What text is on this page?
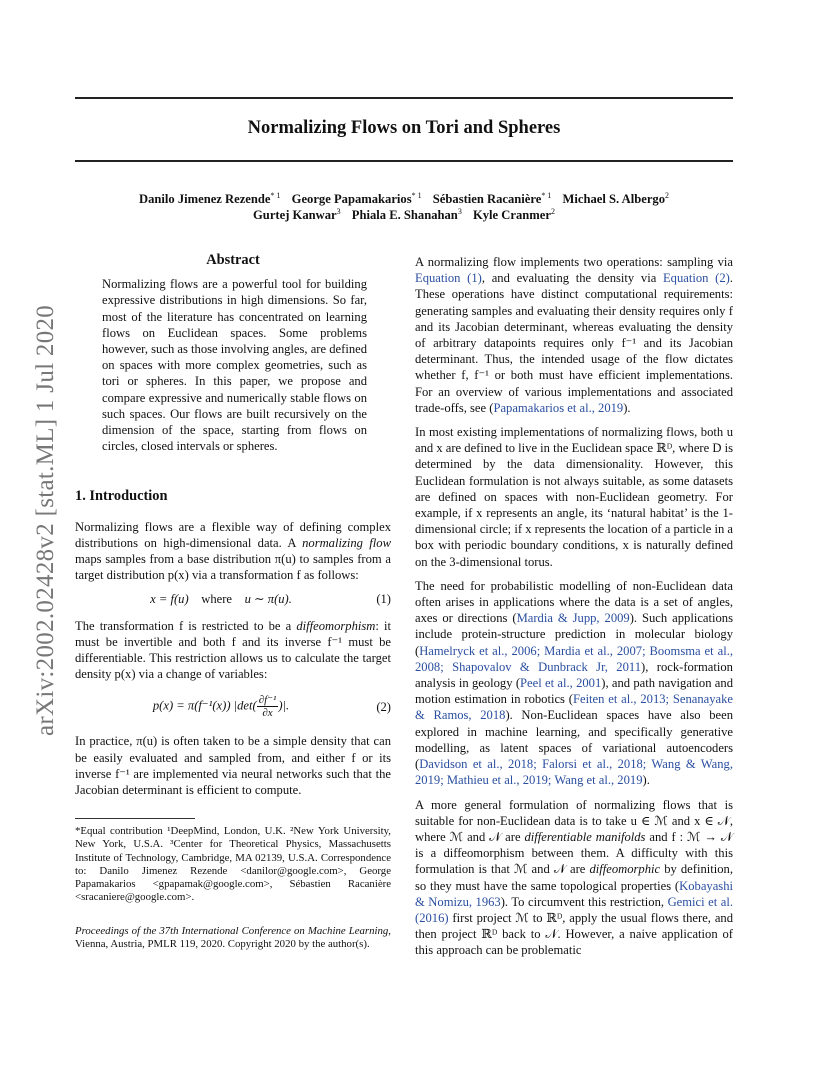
Normalizing Flows on Tori and Spheres
Danilo Jimenez Rezende$^{* 1}$ George Papamakarios$^{* 1}$ Sébastien Racanière$^{* 1}$ Michael S. Albergo$^2$
Gurtej Kanwar$^3$ Phiala E. Shanahan$^3$ Kyle Cranmer$^2$
arXiv:2002.02428v2 [stat.ML] 1 Jul 2020
Abstract
Normalizing flows are a powerful tool for building expressive distributions in high dimensions. So far, most of the literature has concentrated on learning flows on Euclidean spaces. Some problems however, such as those involving angles, are defined on spaces with more complex geometries, such as tori or spheres. In this paper, we propose and compare expressive and numerically stable flows on such spaces. Our flows are built recursively on the dimension of the space, starting from flows on circles, closed intervals or spheres.
1. Introduction

Normalizing flows are a flexible way of defining complex distributions on high-dimensional data. A normalizing flow maps samples from a base distribution π(u) to samples from a target distribution p(x) via a transformation f as follows:

x = f(u) where u ∼ π(u).	(1)

The transformation f is restricted to be a diffeomorphism: it must be invertible and both f and its inverse f⁻¹ must be differentiable. This restriction allows us to calculate the target density p(x) via a change of variables:

p(x) = π(f⁻¹(x)) $|\det( \frac{\text{∂f⁻¹}}{\partial x}$ )|.	(2)

In practice, π(u) is often taken to be a simple density that can be easily evaluated and sampled from, and either f or its inverse f⁻¹ are implemented via neural networks such that the Jacobian determinant is efficient to compute.

*Equal contribution ¹DeepMind, London, U.K. ²New York University, New York, U.S.A. ³Center for Theoretical Physics, Massachusetts Institute of Technology, Cambridge, MA 02139, U.S.A. Correspondence to: Danilo Jimenez Rezende <danilor@google.com>, George Papamakarios <gpapamak@google.com>, Sébastien Racanière <sracaniere@google.com>.
Proceedings of the 37th International Conference on Machine Learning, Vienna, Austria, PMLR 119, 2020. Copyright 2020 by the author(s).

A normalizing flow implements two operations: sampling via Equation (1), and evaluating the density via Equation (2). These operations have distinct computational requirements: generating samples and evaluating their density requires only f and its Jacobian determinant, whereas evaluating the density of arbitrary datapoints requires only f⁻¹ and its Jacobian determinant. Thus, the intended usage of the flow dictates whether f, f⁻¹ or both must have efficient implementations. For an overview of various implementations and associated trade-offs, see (Papamakarios et al., 2019).

In most existing implementations of normalizing flows, both u and x are defined to live in the Euclidean space ℝᴰ, where D is determined by the data dimensionality. However, this Euclidean formulation is not always suitable, as some datasets are defined on spaces with non-Euclidean geometry. For example, if x represents an angle, its ‘natural habitat’ is the 1-dimensional circle; if x represents the location of a particle in a box with periodic boundary conditions, x is naturally defined on the 3-dimensional torus.

The need for probabilistic modelling of non-Euclidean data often arises in applications where the data is a set of angles, axes or directions (Mardia & Jupp, 2009). Such applications include protein-structure prediction in molecular biology (Hamelryck et al., 2006; Mardia et al., 2007; Boomsma et al., 2008; Shapovalov & Dunbrack Jr, 2011), rock-formation analysis in geology (Peel et al., 2001), and path navigation and motion estimation in robotics (Feiten et al., 2013; Senanayake & Ramos, 2018). Non-Euclidean spaces have also been explored in machine learning, and specifically generative modelling, as latent spaces of variational autoencoders (Davidson et al., 2018; Falorsi et al., 2018; Wang & Wang, 2019; Mathieu et al., 2019; Wang et al., 2019).

A more general formulation of normalizing flows that is suitable for non-Euclidean data is to take u ∈ ℳ and x ∈ 𝒩, where ℳ and 𝒩 are differentiable manifolds and f : ℳ → 𝒩 is a diffeomorphism between them. A difficulty with this formulation is that ℳ and 𝒩 are diffeomorphic by definition, so they must have the same topological properties (Kobayashi & Nomizu, 1963). To circumvent this restriction, Gemici et al. (2016) first project ℳ to ℝᴰ, apply the usual flows there, and then project ℝᴰ back to 𝒩. However, a naive application of this approach can be problematic
